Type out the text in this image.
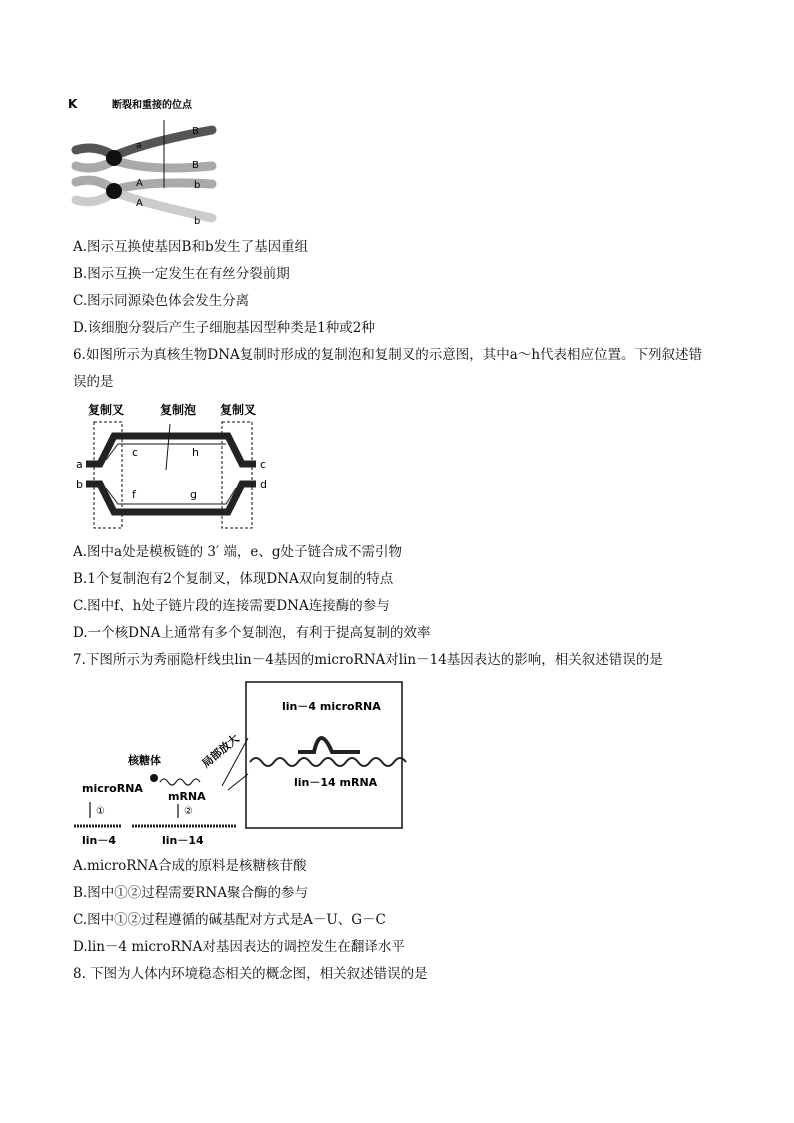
K	断裂和重接的位点
B
a
B
A	b
A
b
A.图示互换使基因B和b发生了基因重组
B.图示互换一定发生在有丝分裂前期
C.图示同源染色体会发生分离
D.该细胞分裂后产生子细胞基因型种类是1种或2种
6.如图所示为真核生物DNA复制时形成的复制泡和复制叉的示意图，其中a～h代表相应位置。下列叙述错
误的是
复制叉	复制泡 复制叉
a
b
c
c
d
f	g
h
A.图中a处是模板链的 3′ 端，e、g处子链合成不需引物
B.1个复制泡有2个复制叉，体现DNA双向复制的特点
C.图中f、h处子链片段的连接需要DNA连接酶的参与
D.一个核DNA上通常有多个复制泡，有利于提高复制的效率
7.下图所示为秀丽隐杆线虫lin－4基因的microRNA对lin－14基因表达的影响，相关叙述错误的是
lin－4 microRNA
lin－14 mRNA
核糖体	局部放大
microRNA
mRNA
①	②
lin－4	lin－14
A.microRNA合成的原料是核糖核苷酸
B.图中①②过程需要RNA聚合酶的参与
C.图中①②过程遵循的碱基配对方式是A－U、G－C
D.lin－4 microRNA对基因表达的调控发生在翻译水平
8. 下图为人体内环境稳态相关的概念图，相关叙述错误的是
